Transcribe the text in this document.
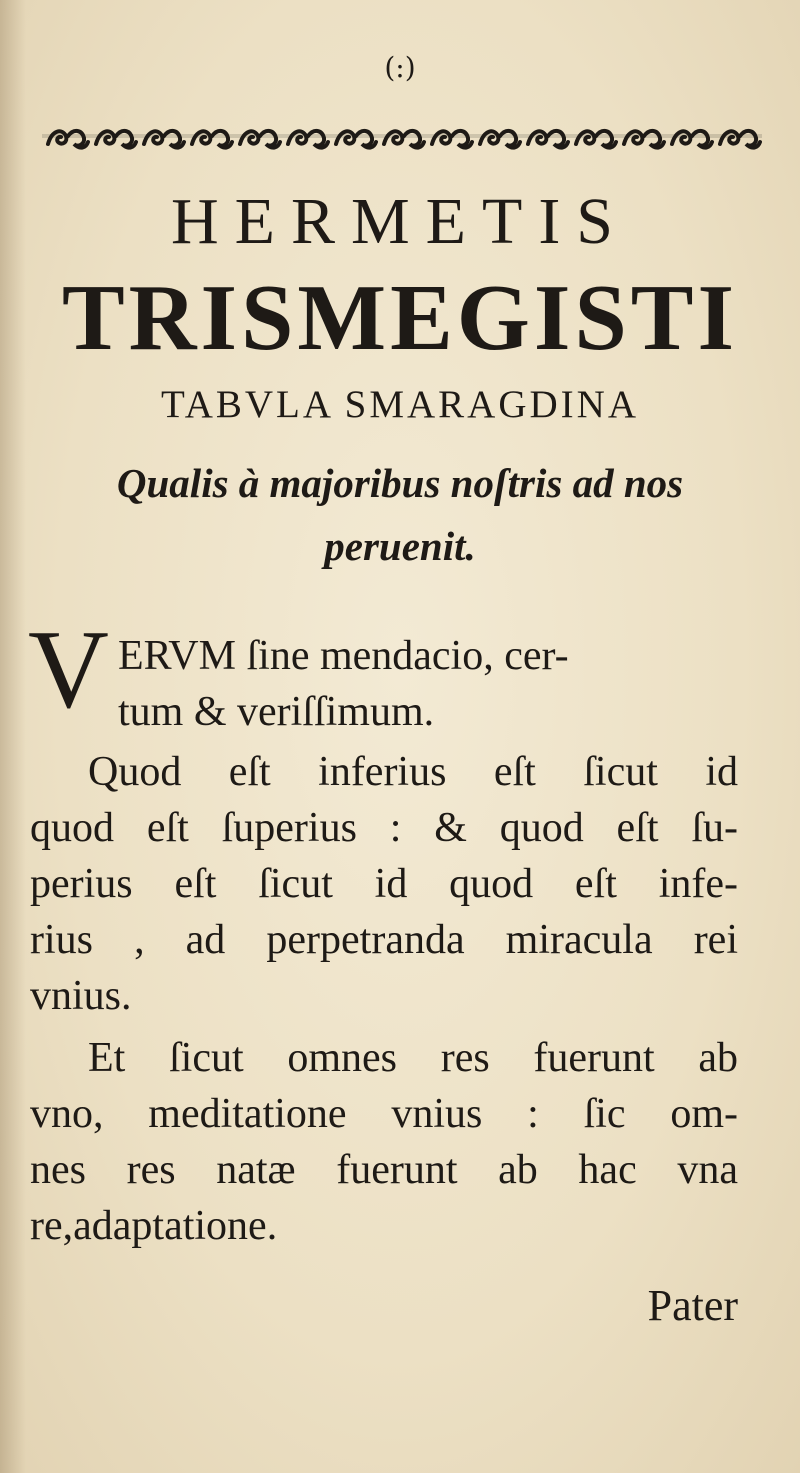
(:)
HERMETIS
TRISMEGISTI
TABVLA SMARAGDINA
Qualis à majoribus noſtris ad nos
peruenit.
V ERVM ſine mendacio, cer-
tum & veriſſimum.
Quod eſt inferius eſt ſicut id
quod eſt ſuperius : & quod eſt ſu-
perius eſt ſicut id quod eſt infe-
rius , ad perpetranda miracula rei
vnius.
Et ſicut omnes res fuerunt ab
vno, meditatione vnius : ſic om-
nes res natæ fuerunt ab hac vna
re,adaptatione.
Pater
